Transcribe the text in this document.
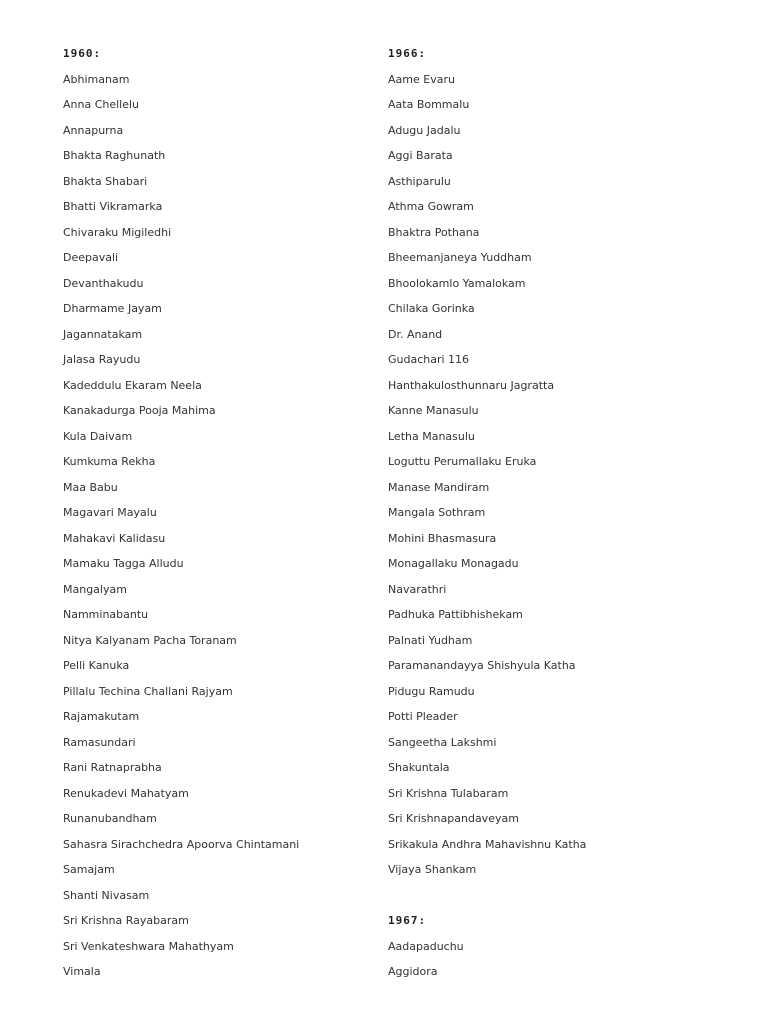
1960:
Abhimanam
Anna Chellelu
Annapurna
Bhakta Raghunath
Bhakta Shabari
Bhatti Vikramarka
Chivaraku Migiledhi
Deepavali
Devanthakudu
Dharmame Jayam
Jagannatakam
Jalasa Rayudu
Kadeddulu Ekaram Neela
Kanakadurga Pooja Mahima
Kula Daivam
Kumkuma Rekha
Maa Babu
Magavari Mayalu
Mahakavi Kalidasu
Mamaku Tagga Alludu
Mangalyam
Namminabantu
Nitya Kalyanam Pacha Toranam
Pelli Kanuka
Pillalu Techina Challani Rajyam
Rajamakutam
Ramasundari
Rani Ratnaprabha
Renukadevi Mahatyam
Runanubandham
Sahasra Sirachchedra Apoorva Chintamani
Samajam
Shanti Nivasam
Sri Krishna Rayabaram
Sri Venkateshwara Mahathyam
Vimala
1966:
Aame Evaru
Aata Bommalu
Adugu Jadalu
Aggi Barata
Asthiparulu
Athma Gowram
Bhaktra Pothana
Bheemanjaneya Yuddham
Bhoolokamlo Yamalokam
Chilaka Gorinka
Dr. Anand
Gudachari 116
Hanthakulosthunnaru Jagratta
Kanne Manasulu
Letha Manasulu
Loguttu Perumallaku Eruka
Manase Mandiram
Mangala Sothram
Mohini Bhasmasura
Monagallaku Monagadu
Navarathri
Padhuka Pattibhishekam
Palnati Yudham
Paramanandayya Shishyula Katha
Pidugu Ramudu
Potti Pleader
Sangeetha Lakshmi
Shakuntala
Sri Krishna Tulabaram
Sri Krishnapandaveyam
Srikakula Andhra Mahavishnu Katha
Vijaya Shankam
1967:
Aadapaduchu
Aggidora
